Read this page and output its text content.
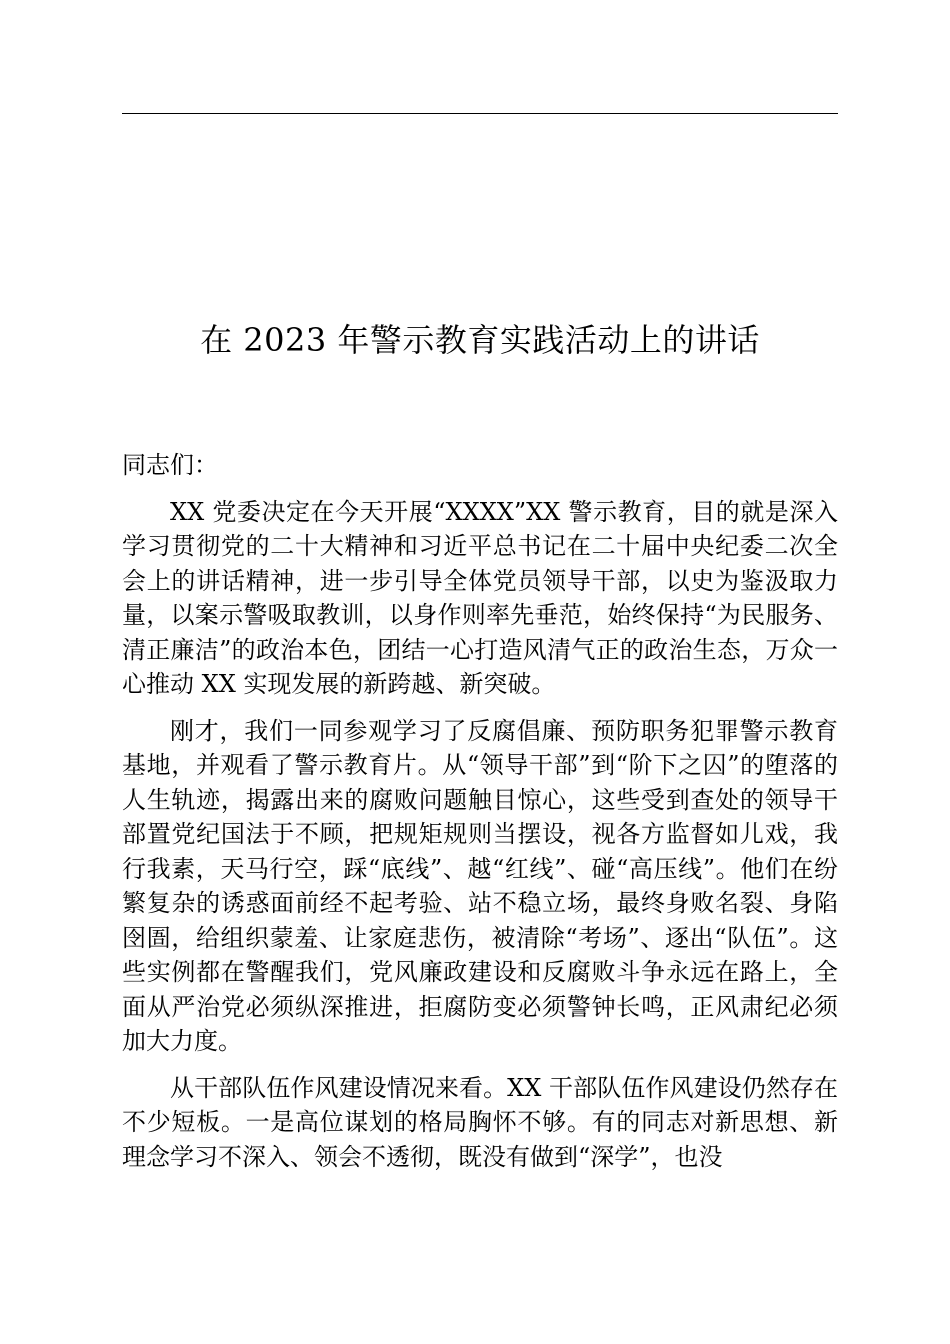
在 2023 年警示教育实践活动上的讲话

同志们：

XX 党委决定在今天开展“XXXX”XX 警示教育，目的就是深入学习贯彻党的二十大精神和习近平总书记在二十届中央纪委二次全会上的讲话精神，进一步引导全体党员领导干部，以史为鉴汲取力量，以案示警吸取教训，以身作则率先垂范，始终保持“为民服务、清正廉洁”的政治本色，团结一心打造风清气正的政治生态，万众一心推动 XX 实现发展的新跨越、新突破。

刚才，我们一同参观学习了反腐倡廉、预防职务犯罪警示教育基地，并观看了警示教育片。从“领导干部”到“阶下之囚”的堕落的人生轨迹，揭露出来的腐败问题触目惊心，这些受到查处的领导干部置党纪国法于不顾，把规矩规则当摆设，视各方监督如儿戏，我行我素，天马行空，踩“底线”、越“红线”、碰“高压线”。他们在纷繁复杂的诱惑面前经不起考验、站不稳立场，最终身败名裂、身陷囹圄，给组织蒙羞、让家庭悲伤，被清除“考场”、逐出“队伍”。这些实例都在警醒我们，党风廉政建设和反腐败斗争永远在路上，全面从严治党必须纵深推进，拒腐防变必须警钟长鸣，正风肃纪必须加大力度。

从干部队伍作风建设情况来看。XX 干部队伍作风建设仍然存在不少短板。一是高位谋划的格局胸怀不够。有的同志对新思想、新理念学习不深入、领会不透彻，既没有做到“深学”，也没
